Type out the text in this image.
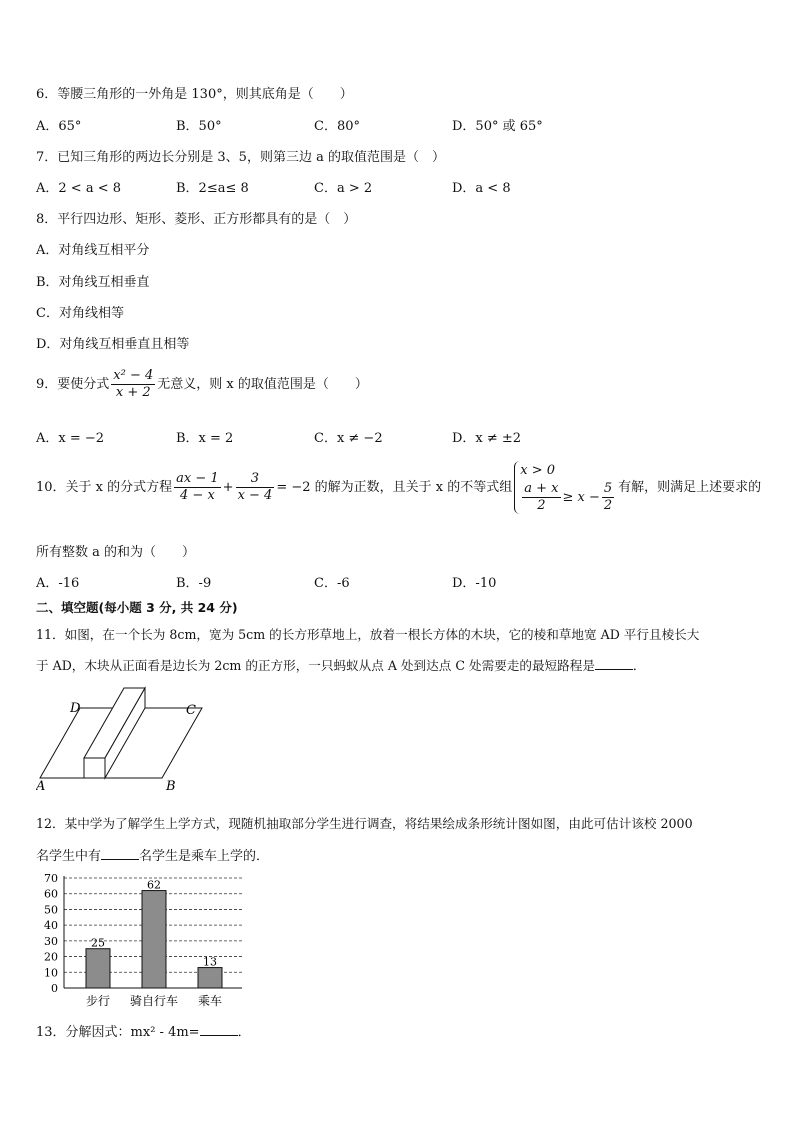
6．等腰三角形的一外角是 130°，则其底角是（　　）
A．65°	B．50°	C．80°	D．50° 或 65°
7．已知三角形的两边长分别是 3、5，则第三边 a 的取值范围是（　）
A．2 < a < 8	B．2≤a≤ 8	C．a > 2	D．a < 8
8．平行四边形、矩形、菱形、正方形都具有的是（　）
A．对角线互相平分
B．对角线互相垂直
C．对角线相等
D．对角线互相垂直且相等
9．要使分式 $\frac{\text{x² − 4}}{x + 2}$ 无意义，则 x 的取值范围是（　　）
A．x = −2	B．x = 2	C．x ≠ −2	D．x ≠ ±2
10．关于 x 的分式方程 $\frac{ax - 1}{4 - x} + \frac{3}{x - 4} = -2$ 的解为正数，且关于 x 的不等式组
x > 0
$\frac{a + x}{2} \ge x - \frac{5}{2}$ 有解，则满足上述要求的
所有整数 a 的和为（　　）
A．-16	B．-9	C．-6	D．-10
二、填空题(每小题 3 分, 共 24 分)
11．如图，在一个长为 8cm，宽为 5cm 的长方形草地上，放着一根长方体的木块，它的棱和草地宽 AD 平行且棱长大
于 AD，木块从正面看是边长为 2cm 的正方形，一只蚂蚁从点 A 处到达点 C 处需要走的最短路程是	．
D	C
A	B
12．某中学为了解学生上学方式，现随机抽取部分学生进行调查，将结果绘成条形统计图如图，由此可估计该校 2000
名学生中有	名学生是乘车上学的．
0
10
20
30
40
50
60
70
25
步行
62
骑自行车
13
乘车
13．分解因式：mx² - 4m=	．
